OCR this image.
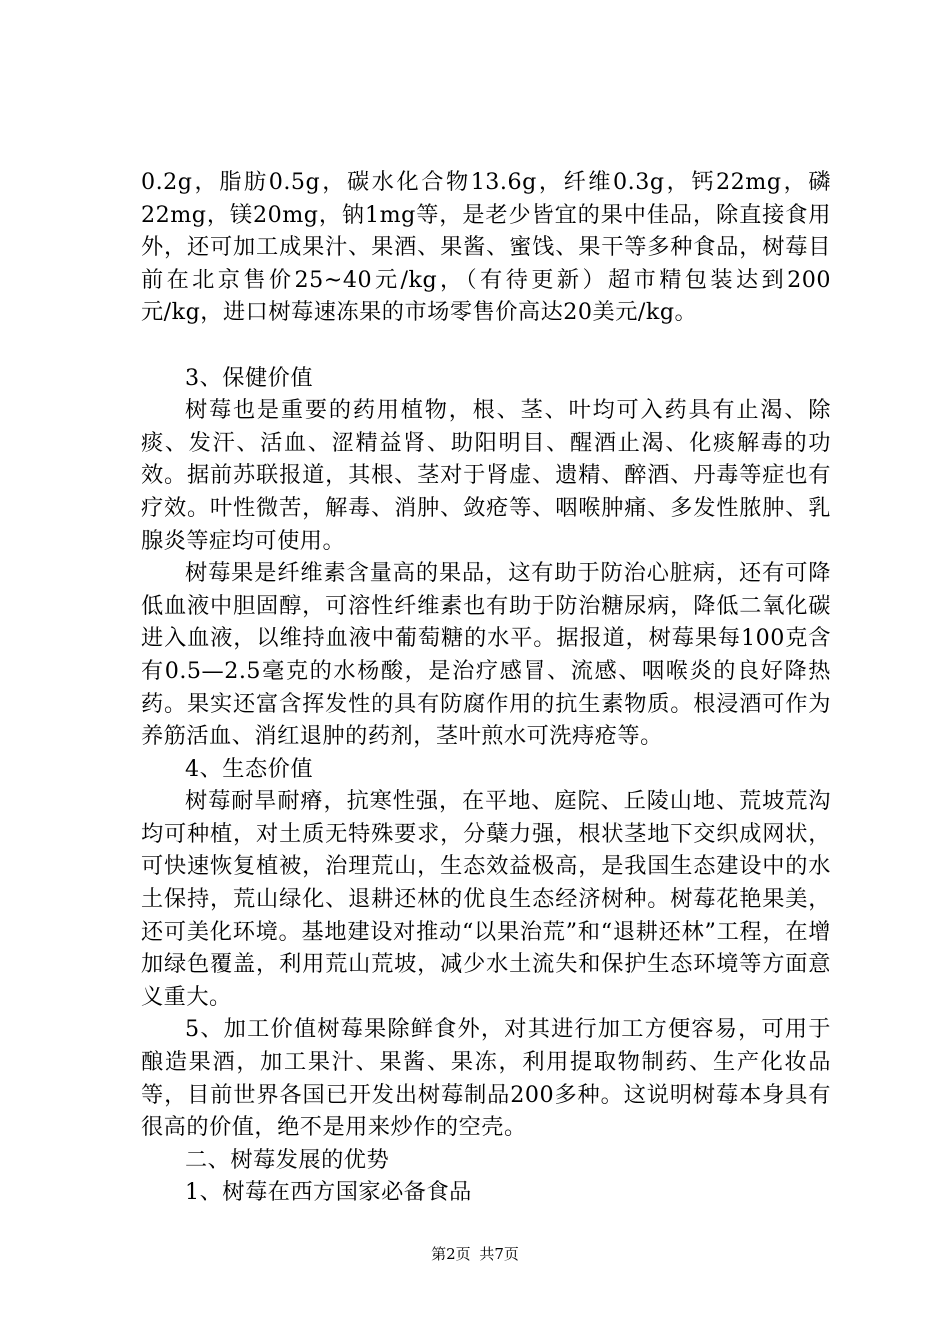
0.2g，脂肪0.5g，碳水化合物13.6g，纤维0.3g，钙22mg，磷22mg，镁20mg，钠1mg等，是老少皆宜的果中佳品，除直接食用外，还可加工成果汁、果酒、果酱、蜜饯、果干等多种食品，树莓目前在北京售价25~40元/kg，（有待更新）超市精包装达到200元/kg，进口树莓速冻果的市场零售价高达20美元/kg。

3、保健价值

树莓也是重要的药用植物，根、茎、叶均可入药具有止渴、除痰、发汗、活血、涩精益肾、助阳明目、醒酒止渴、化痰解毒的功效。据前苏联报道，其根、茎对于肾虚、遗精、醉酒、丹毒等症也有疗效。叶性微苦，解毒、消肿、敛疮等、咽喉肿痛、多发性脓肿、乳腺炎等症均可使用。

树莓果是纤维素含量高的果品，这有助于防治心脏病，还有可降低血液中胆固醇，可溶性纤维素也有助于防治糖尿病，降低二氧化碳进入血液，以维持血液中葡萄糖的水平。据报道，树莓果每100克含有0.5—2.5毫克的水杨酸，是治疗感冒、流感、咽喉炎的良好降热药。果实还富含挥发性的具有防腐作用的抗生素物质。根浸酒可作为养筋活血、消红退肿的药剂，茎叶煎水可洗痔疮等。

4、生态价值

树莓耐旱耐瘠，抗寒性强，在平地、庭院、丘陵山地、荒坡荒沟均可种植，对土质无特殊要求，分蘖力强，根状茎地下交织成网状，可快速恢复植被，治理荒山，生态效益极高，是我国生态建设中的水土保持，荒山绿化、退耕还林的优良生态经济树种。树莓花艳果美，还可美化环境。基地建设对推动“以果治荒”和“退耕还林”工程，在增加绿色覆盖，利用荒山荒坡，减少水土流失和保护生态环境等方面意义重大。

5、加工价值树莓果除鲜食外，对其进行加工方便容易，可用于酿造果酒，加工果汁、果酱、果冻，利用提取物制药、生产化妆品等，目前世界各国已开发出树莓制品200多种。这说明树莓本身具有很高的价值，绝不是用来炒作的空壳。

二、树莓发展的优势

1、树莓在西方国家必备食品

第2页 共7页
